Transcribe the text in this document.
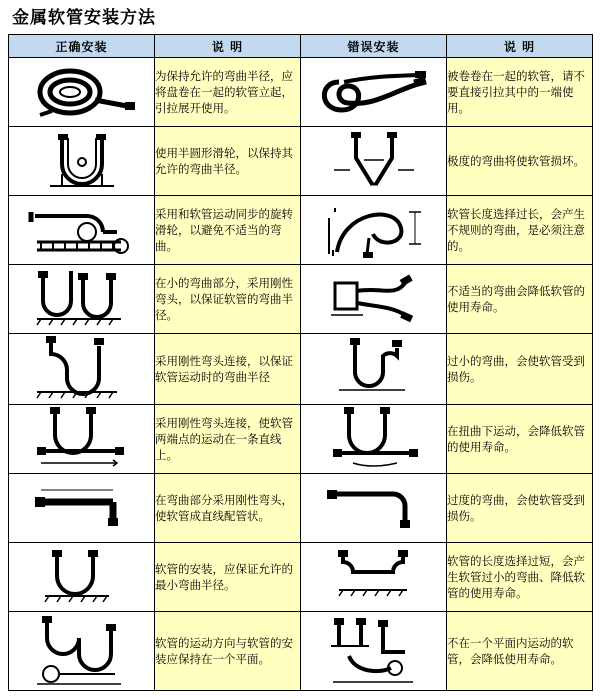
金属软管安装方法
正确安装	说 明	错误安装	说 明

	为保持允许的弯曲半径，应将盘卷在一起的软管立起，引拉展开使用。		被卷卷在一起的软管，请不要直接引拉其中的一端使用。

	使用半圆形滑轮，以保持其允许的弯曲半径。		极度的弯曲将使软管损坏。

	采用和软管运动同步的旋转滑轮，以避免不适当的弯曲。		软管长度选择过长，会产生不规则的弯曲，是必须注意的。

	在小的弯曲部分，采用刚性弯头，以保证软管的弯曲半径。		不适当的弯曲会降低软管的使用寿命。

	采用刚性弯头连接，以保证软管运动时的弯曲半径		过小的弯曲，会使软管受到损伤。

	采用刚性弯头连接，使软管两端点的运动在一条直线上。		在扭曲下运动，会降低软管的使用寿命。

	在弯曲部分采用刚性弯头，使软管成直线配管状。		过度的弯曲，会使软管受到损伤。

	软管的安装，应保证允许的最小弯曲半径。		软管的长度选择过短，会产生软管过小的弯曲、降低软管的使用寿命。

	软管的运动方向与软管的安装应保持在一个平面。		不在一个平面内运动的软管，会降低使用寿命。
